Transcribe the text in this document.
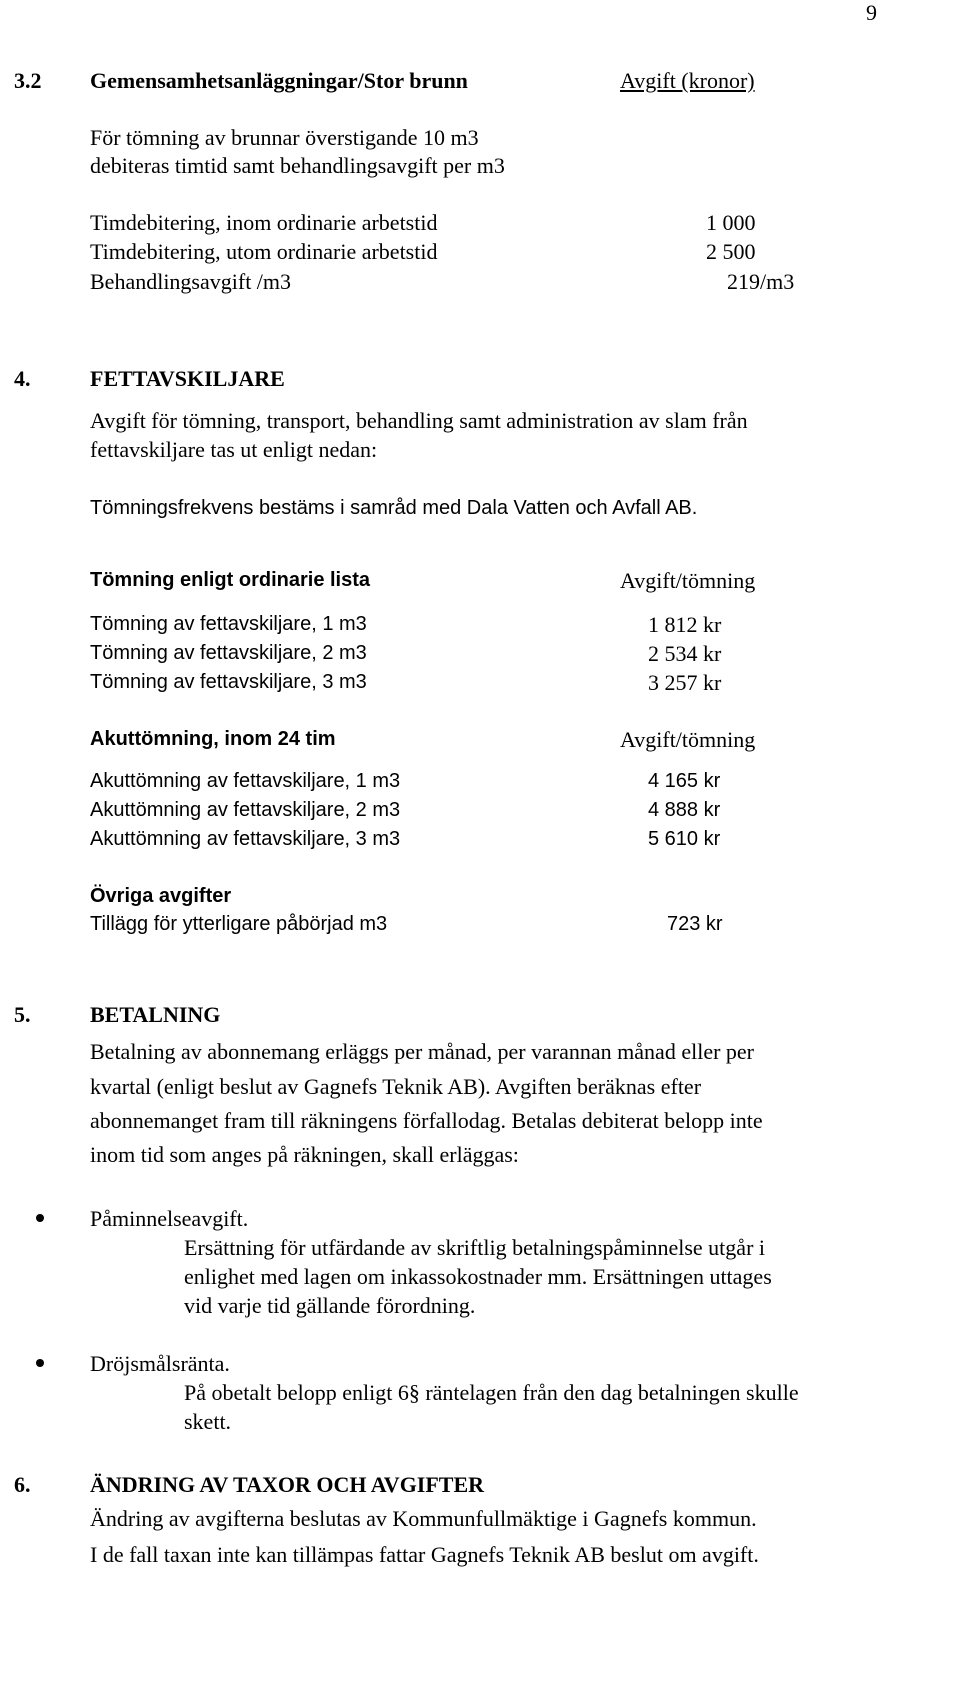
9
3.2 Gemensamhetsanläggningar/Stor brunn	Avgift (kronor)
För tömning av brunnar överstigande 10 m3
debiteras timtid samt behandlingsavgift per m3
Timdebitering, inom ordinarie arbetstid	1 000
Timdebitering, utom ordinarie arbetstid	2 500
Behandlingsavgift /m3	219/m3
4.	FETTAVSKILJARE
Avgift för tömning, transport, behandling samt administration av slam från
fettavskiljare tas ut enligt nedan:
Tömningsfrekvens bestäms i samråd med Dala Vatten och Avfall AB.
Tömning enligt ordinarie lista	Avgift/tömning
Tömning av fettavskiljare, 1 m3	1 812 kr
Tömning av fettavskiljare, 2 m3	2 534 kr
Tömning av fettavskiljare, 3 m3	3 257 kr
Akuttömning, inom 24 tim	Avgift/tömning
Akuttömning av fettavskiljare, 1 m3	4 165 kr
Akuttömning av fettavskiljare, 2 m3	4 888 kr
Akuttömning av fettavskiljare, 3 m3	5 610 kr
Övriga avgifter
Tillägg för ytterligare påbörjad m3	723 kr
5.	BETALNING
Betalning av abonnemang erläggs per månad, per varannan månad eller per
kvartal (enligt beslut av Gagnefs Teknik AB). Avgiften beräknas efter
abonnemanget fram till räkningens förfallodag. Betalas debiterat belopp inte
inom tid som anges på räkningen, skall erläggas:
Påminnelseavgift.
Ersättning för utfärdande av skriftlig betalningspåminnelse utgår i
enlighet med lagen om inkassokostnader mm. Ersättningen uttages
vid varje tid gällande förordning.
Dröjsmålsränta.
På obetalt belopp enligt 6§ räntelagen från den dag betalningen skulle
skett.
6.	ÄNDRING AV TAXOR OCH AVGIFTER
Ändring av avgifterna beslutas av Kommunfullmäktige i Gagnefs kommun.
I de fall taxan inte kan tillämpas fattar Gagnefs Teknik AB beslut om avgift.
